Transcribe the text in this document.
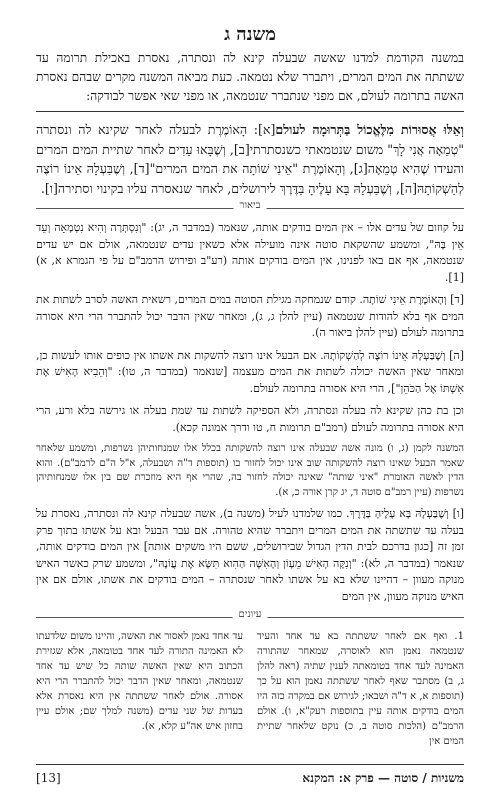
משנה ג

במשנה הקודמת למדנו שאשה שבעלה קינא לה ונסתרה, נאסרת באכילת תרומה עד ששתתה את המים המרים, ויתברר שלא נטמאה. כעת מביאה המשנה מקרים שבהם נאסרת האשה בתרומה לעולם, אם מפני שנתברר שנטמאה, או מפני שאי אפשר לבודקה:

וְאֵלּוּ אֲסוּרוֹת מִלֶּאֱכוֹל בַּתְּרוּמָה לעולם[א]: הָאוֹמֶרֶת לבעלה לאחר שקינא לה ונסתרה "טְמֵאָה אֲנִי לָךְ" משום שנטמאתי כשנסתרתי[ב], וְשֶׁבָּאוּ עֵדִים לאחר שתיית המים המרים והעידו שֶׁהִיא טְמֵאָה[ג], וְהָאוֹמֶרֶת "אֵינִי שׁוֹתָה את המים המרים"[ד], וְשֶׁבַּעְלָהּ אֵינוֹ רוֹצֶה לְהַשְׁקוֹתָהּ[ה], וְשֶׁבַּעְלָהּ בָּא עָלֶיהָ בַּדֶּרֶךְ לירושלים, לאחר שנאסרה עליו בקינוי וסתירה[ו].

ביאור

על קוזום של עדים אלו – אין המים בודקים אותה, שנאמר (במדבר ה, יג): "וְנִסְתְּרָה וְהִיא נִטְמָאָה וְעֵד אֵין בָּהּ", ומשמע שהשקאת סוטה אינה מועילה אלא כשאין עדים שנטמאה, אולם אם יש עדים שנטמאה, אף אם באו לפנינו, אין המים בודקים אותה (רע"ב ופירוש הרמב"ם על פי הגמרא א, א)[1].

[ד] וְהָאוֹמֶרֶת אֵינִי שׁוֹתָה. קודם שנמחקה מגילת הסוטה במים המרים, רשאית האשה לסרב לשתות את המים אף בלא להודות שנטמאה (עיין להלן ג, ג), ומאחר שאין הדבר יכול להתברר הרי היא אסורה בתרומה לעולם (עיין להלן ביאור ה).

[ה] וְשֶׁבַּעְלָהּ אֵינוֹ רוֹצֶה לְהַשְׁקוֹתָהּ. אם הבעל אינו רוצה להשקות את אשתו אין כופים אותו לעשות כן, ומאחר שאין האשה יכולה לשתות את המים מעצמה [שנאמר (במדבר ה, טו): "וְהֵבִיא הָאִישׁ אֶת אִשְׁתּוֹ אֶל הַכֹּהֵן"], הרי היא אסורה בתרומה לעולם.

וכן בת כהן שקינא לה בעלה ונסתרה, ולא הספיקה לשתות עד שמת בעלה או גירשה בלא ורע, הרי היא אסורה בתרומה לעולם (רמב"ם תרומות ח, טו ודרך אמונה קכא).

המשנה לקמן (ג, ו) מונה אשה שבעלה אינו רוצה להשקותה בכלל אלו שמנחותיהן נשרפות, ומשמע שלאחר שאמר הבעל שאינו רוצה להשקותה שוב אינו יכול לחזור בו (תוספות ד"ה ושבעלה, א"ל ה"ם לרמב"ם). והוא הדין לאשה האומרת "איני שותה" שאינה יכולה לחזור בה, שהרי אף היא מוזכרת שם בין אלו שמנחותיהן נשרפות (עיין רמב"ם סוטה ד, יג קרן אורה כ, א).

[ו] וְשֶׁבַּעְלָהּ בָּא עָלֶיהָ בַּדֶּרֶךְ. כמו שלמדנו לעיל (משנה ב), אשה שבעלה קינא לה ונסתרה, נאסרת על בעלה עד שתשתה את המים המרים ויתברר שהיא טהורה. אם עבר הבעל ובא על אשתו בתוך פרק זמן זה [כגון בדרכם לבית הדין הגדול שבירושלים, ששם היו משקים אותה] אין המים בודקים אותה, שנאמר (במדבר ה, לא): "וְנִקָּה הָאִישׁ מֵעָוֹן וְהָאִשָּׁה הַהִוא תִּשָּׂא אֶת עֲוֹנָהּ", ומשמע שרק כאשר האיש מנוקה מעוון – דהיינו שלא בא על אשתו לאחר שנסתרה – המים בודקים את אשתו, אולם אם אין האיש מנוקה מעוון, אין המים

עיונים
1. ואף אם לאחר ששתתה בא עד אחד והעיד שנטמאה נאמן הוא לאוסרה, שמאחר שהתורה האמינה לעד אחד בטומאתה לענין שתיה (ראה להלן ג, ב) מסתבר שאף לאחר ששתתה נאמן הוא על כך (תוספות א, א ד"ה ושבאו; לגירוש אם במקרה כזה היו המים בודקים אותה עיין בתוספות רעק"א, ו). אולם הרמב"ם (הלכות סוטה ב, כ) נוקט שלאחר שתיית המים אין
עד אחד נאמן לאסור את האשה, והיינו משום שלדעתו לא האמינה התורה לעד אחד בטומאה, אלא שגזירת הכתוב היא שאין האשה שותה כל שיש עד אחד שנטמאה, ומאחר שאין הדבר יכול להתברר הרי היא אסורה. אולם לאחר ששתתה אין היא נאסרת אלא בעדות של שני עדים (משנה למלך שם; אולם עיין בחזון איש אה"ע קלא, א).
משניות / סוטה — פרק א: המקנא
[13]
